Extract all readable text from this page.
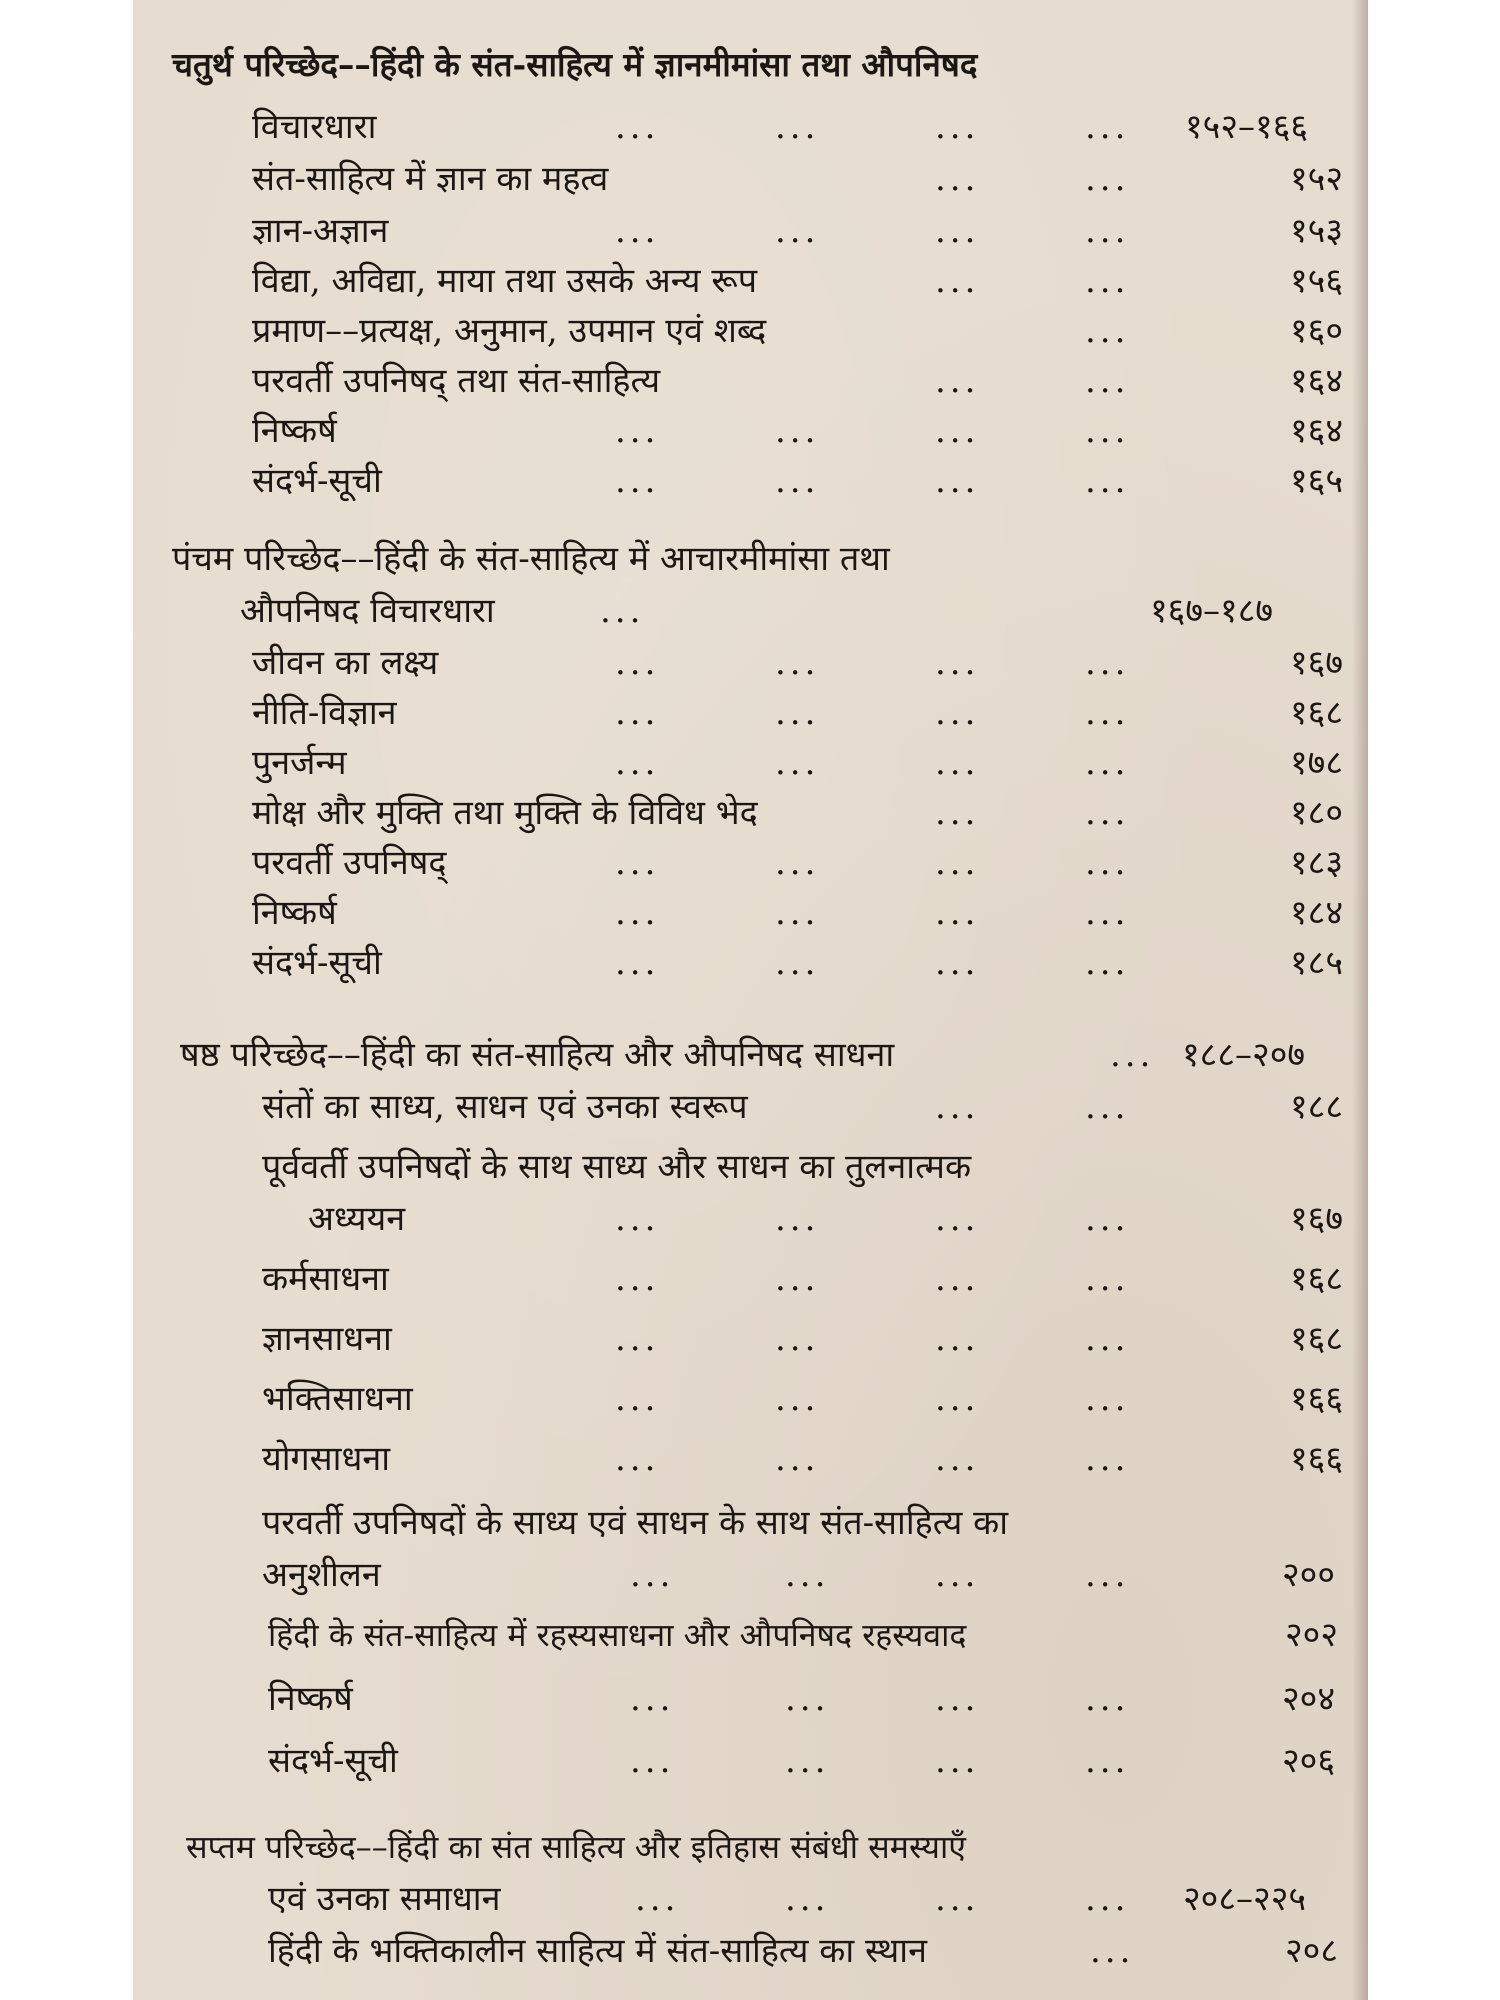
चतुर्थ परिच्छेद––हिंदी के संत-साहित्य में ज्ञानमीमांसा तथा औपनिषद
विचारधारा	...	...	...	... १५२–१६६
संत-साहित्य में ज्ञान का महत्व	...	...	१५२
ज्ञान-अज्ञान	...	...	...	...	१५३
विद्या, अविद्या, माया तथा उसके अन्य रूप	...	...	१५६
प्रमाण––प्रत्यक्ष, अनुमान, उपमान एवं शब्द	...	१६०
परवर्ती उपनिषद् तथा संत-साहित्य	...	...	१६४
निष्कर्ष	...	...	...	...	१६४
संदर्भ-सूची	...	...	...	...	१६५
पंचम परिच्छेद––हिंदी के संत-साहित्य में आचारमीमांसा तथा
औपनिषद विचारधारा	...	१६७–१८७
जीवन का लक्ष्य	...	...	...	...	१६७
नीति-विज्ञान	...	...	...	...	१६८
पुनर्जन्म	...	...	...	...	१७८
मोक्ष और मुक्ति तथा मुक्ति के विविध भेद	...	...	१८०
परवर्ती उपनिषद्	...	...	...	...	१८३
निष्कर्ष	...	...	...	...	१८४
संदर्भ-सूची	...	...	...	...	१८५
षष्ठ परिच्छेद––हिंदी का संत-साहित्य और औपनिषद साधना	... १८८–२०७
संतों का साध्य, साधन एवं उनका स्वरूप	...	...	१८८
पूर्ववर्ती उपनिषदों के साथ साध्य और साधन का तुलनात्मक
अध्ययन	...	...	...	...	१६७
कर्मसाधना	...	...	...	...	१६८
ज्ञानसाधना	...	...	...	...	१६८
भक्तिसाधना	...	...	...	...	१६६
योगसाधना	...	...	...	...	१६६
परवर्ती उपनिषदों के साध्य एवं साधन के साथ संत-साहित्य का
अनुशीलन	...	...	...	...	२००
हिंदी के संत-साहित्य में रहस्यसाधना और औपनिषद रहस्यवाद	२०२
निष्कर्ष	...	...	...	...	२०४
संदर्भ-सूची	...	...	...	...	२०६
सप्तम परिच्छेद––हिंदी का संत साहित्य और इतिहास संबंधी समस्याएँ
एवं उनका समाधान	...	...	...	... २०८–२२५
हिंदी के भक्तिकालीन साहित्य में संत-साहित्य का स्थान	...	२०८
